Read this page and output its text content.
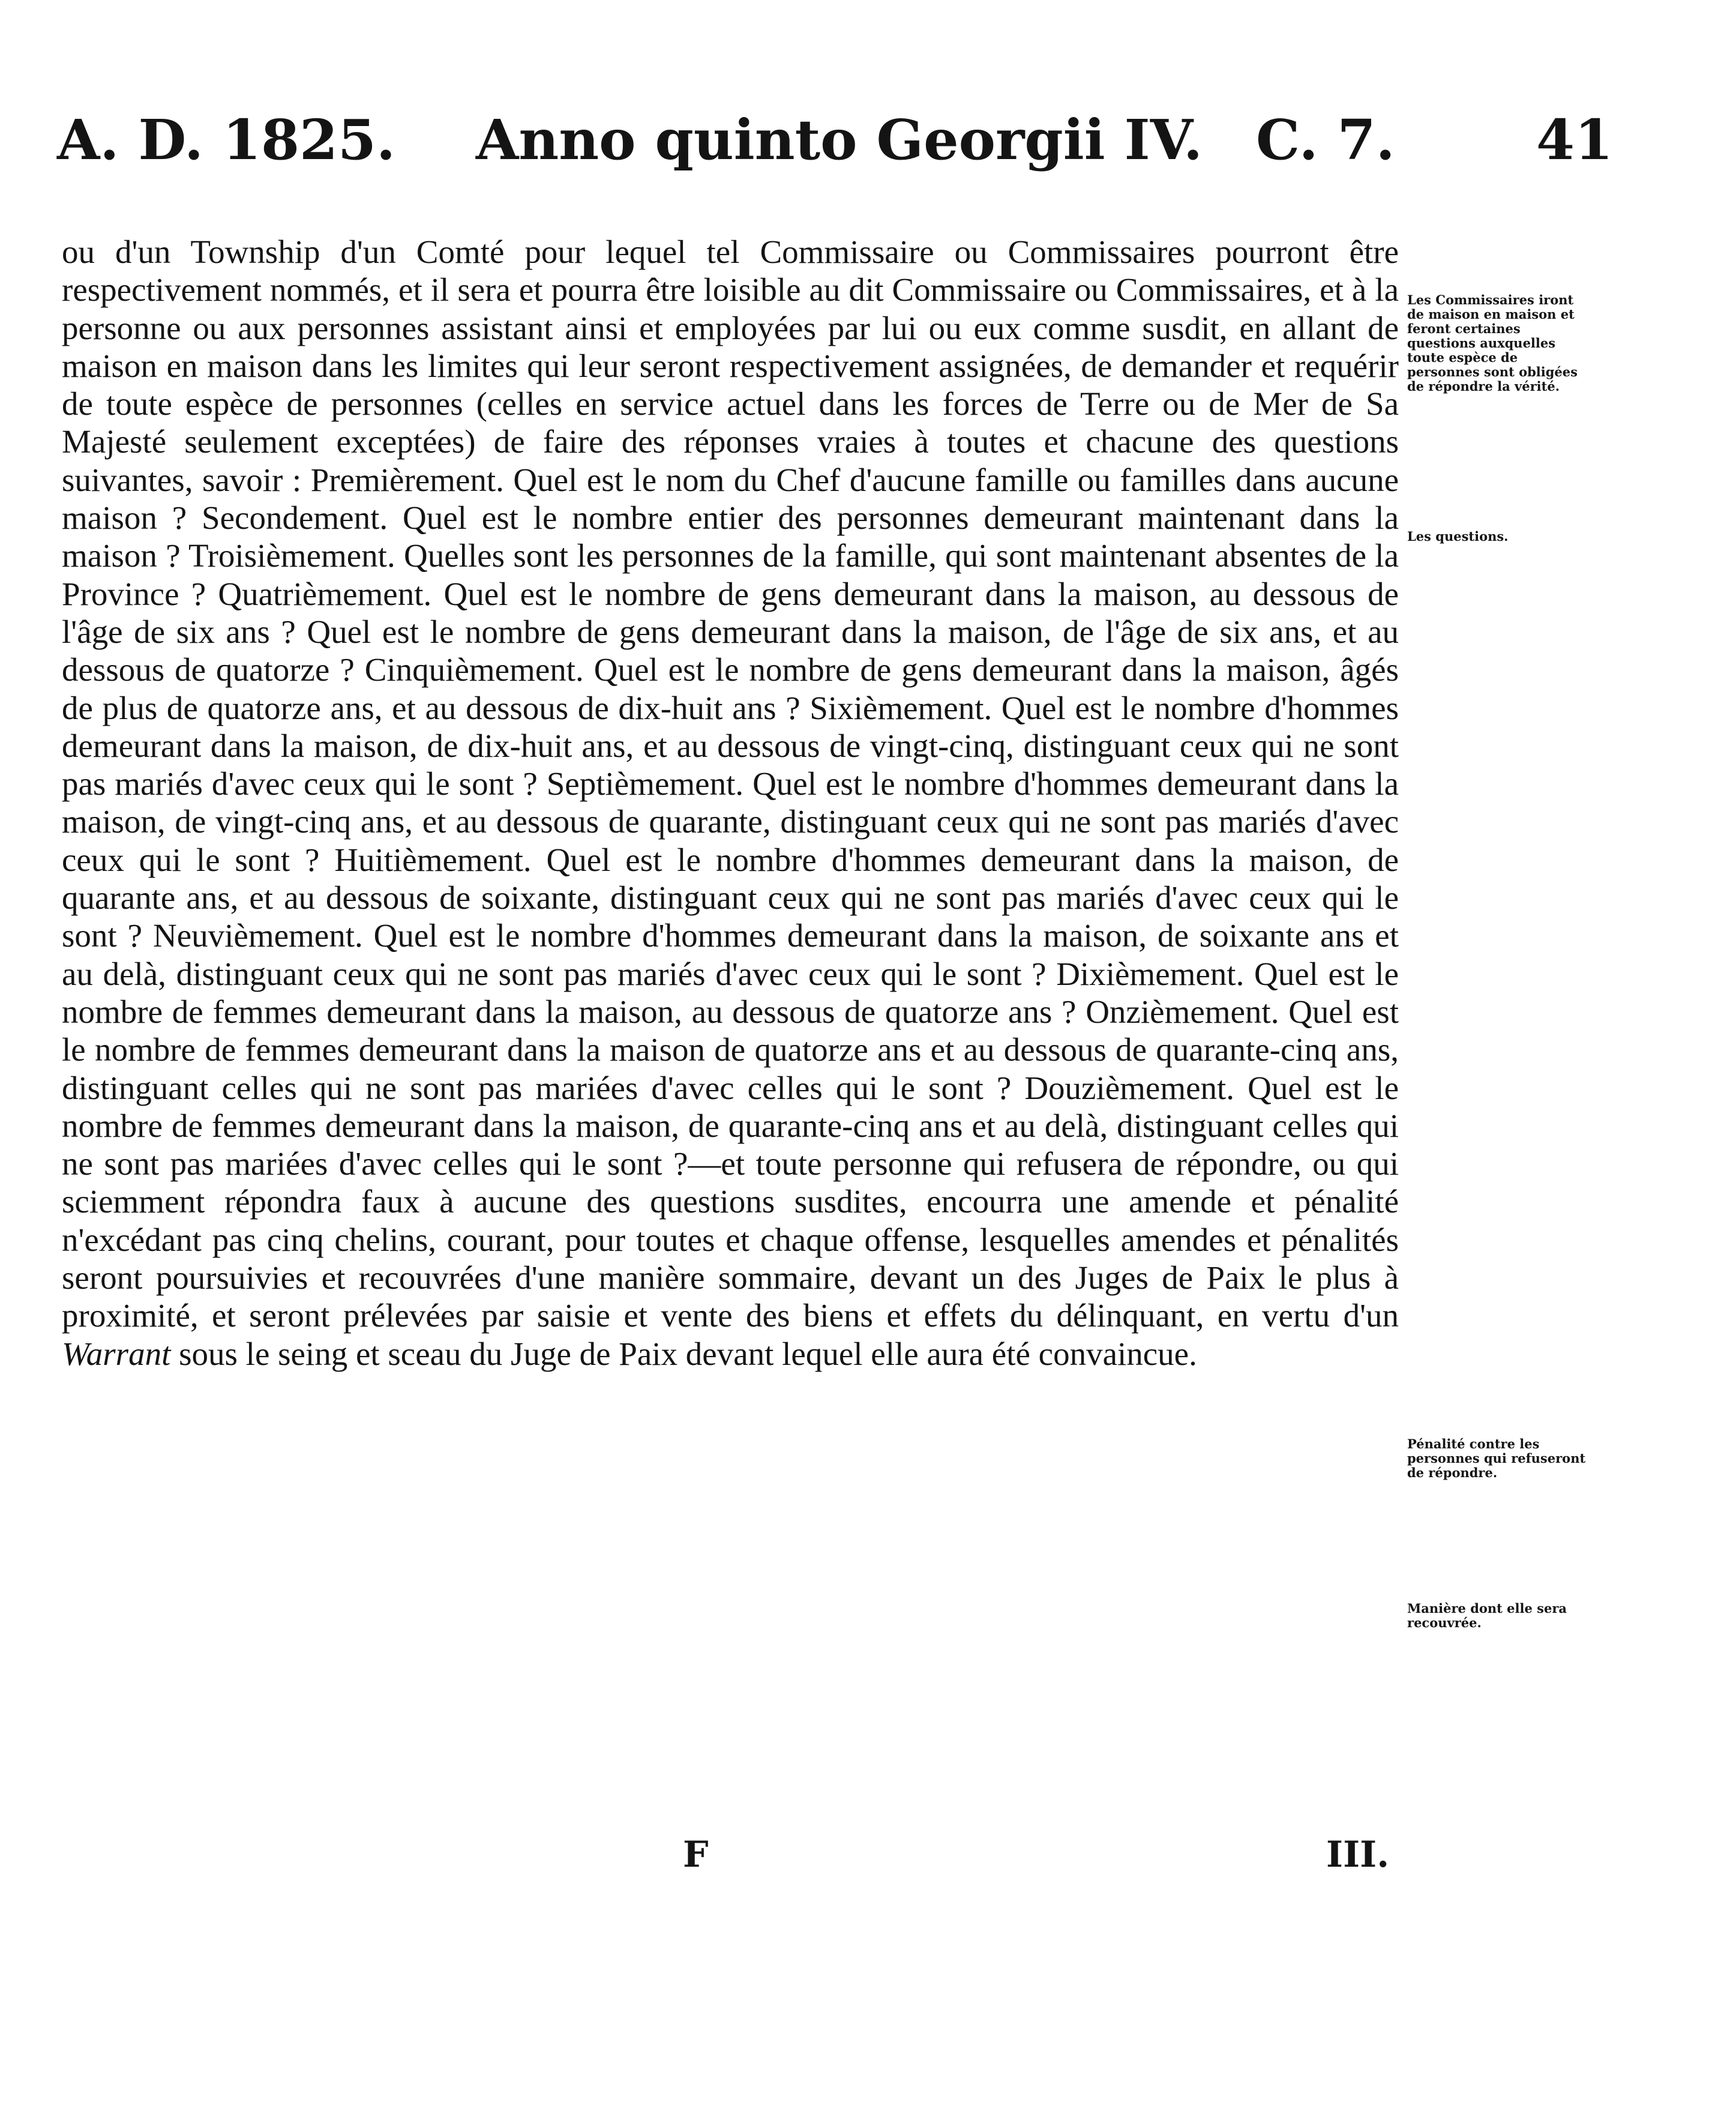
A. D. 1825. Anno quinto Georgii IV. C. 7.	41

ou d'un Township d'un Comté pour lequel tel Commissaire ou Commissaires pourront être respectivement nommés, et il sera et pourra être loisible au dit Commissaire ou Commissaires, et à la personne ou aux personnes assistant ainsi et employées par lui ou eux comme susdit, en allant de maison en maison dans les limites qui leur seront respectivement assignées, de demander et requérir de toute espèce de personnes (celles en service actuel dans les forces de Terre ou de Mer de Sa Majesté seulement exceptées) de faire des réponses vraies à toutes et chacune des questions suivantes, savoir : Premièrement. Quel est le nom du Chef d'aucune famille ou familles dans aucune maison ? Secondement. Quel est le nombre entier des personnes demeurant maintenant dans la maison ? Troisièmement. Quelles sont les personnes de la famille, qui sont maintenant absentes de la Province ? Quatrièmement. Quel est le nombre de gens demeurant dans la maison, au dessous de l'âge de six ans ? Quel est le nombre de gens demeurant dans la maison, de l'âge de six ans, et au dessous de quatorze ? Cinquièmement. Quel est le nombre de gens demeurant dans la maison, âgés de plus de quatorze ans, et au dessous de dix-huit ans ? Sixièmement. Quel est le nombre d'hommes demeurant dans la maison, de dix-huit ans, et au dessous de vingt-cinq, distinguant ceux qui ne sont pas mariés d'avec ceux qui le sont ? Septièmement. Quel est le nombre d'hommes demeurant dans la maison, de vingt-cinq ans, et au dessous de quarante, distinguant ceux qui ne sont pas mariés d'avec ceux qui le sont ? Huitièmement. Quel est le nombre d'hommes demeurant dans la maison, de quarante ans, et au dessous de soixante, distinguant ceux qui ne sont pas mariés d'avec ceux qui le sont ? Neuvièmement. Quel est le nombre d'hommes demeurant dans la maison, de soixante ans et au delà, distinguant ceux qui ne sont pas mariés d'avec ceux qui le sont ? Dixièmement. Quel est le nombre de femmes demeurant dans la maison, au dessous de quatorze ans ? Onzièmement. Quel est le nombre de femmes demeurant dans la maison de quatorze ans et au dessous de quarante-cinq ans, distinguant celles qui ne sont pas mariées d'avec celles qui le sont ? Douzièmement. Quel est le nombre de femmes demeurant dans la maison, de quarante-cinq ans et au delà, distinguant celles qui ne sont pas mariées d'avec celles qui le sont ?—et toute personne qui refusera de répondre, ou qui sciemment répondra faux à aucune des questions susdites, encourra une amende et pénalité n'excédant pas cinq chelins, courant, pour toutes et chaque offense, lesquelles amendes et pénalités seront poursuivies et recouvrées d'une manière sommaire, devant un des Juges de Paix le plus à proximité, et seront prélevées par saisie et vente des biens et effets du délinquant, en vertu d'un Warrant sous le seing et sceau du Juge de Paix devant lequel elle aura été convaincue.

Les Commissaires iront de maison en maison et feront certaines questions auxquelles toute espèce de personnes sont obligées de répondre la vérité.
Les questions.
Pénalité contre les personnes qui refuseront de répondre.
Manière dont elle sera recouvrée.
F	III.
